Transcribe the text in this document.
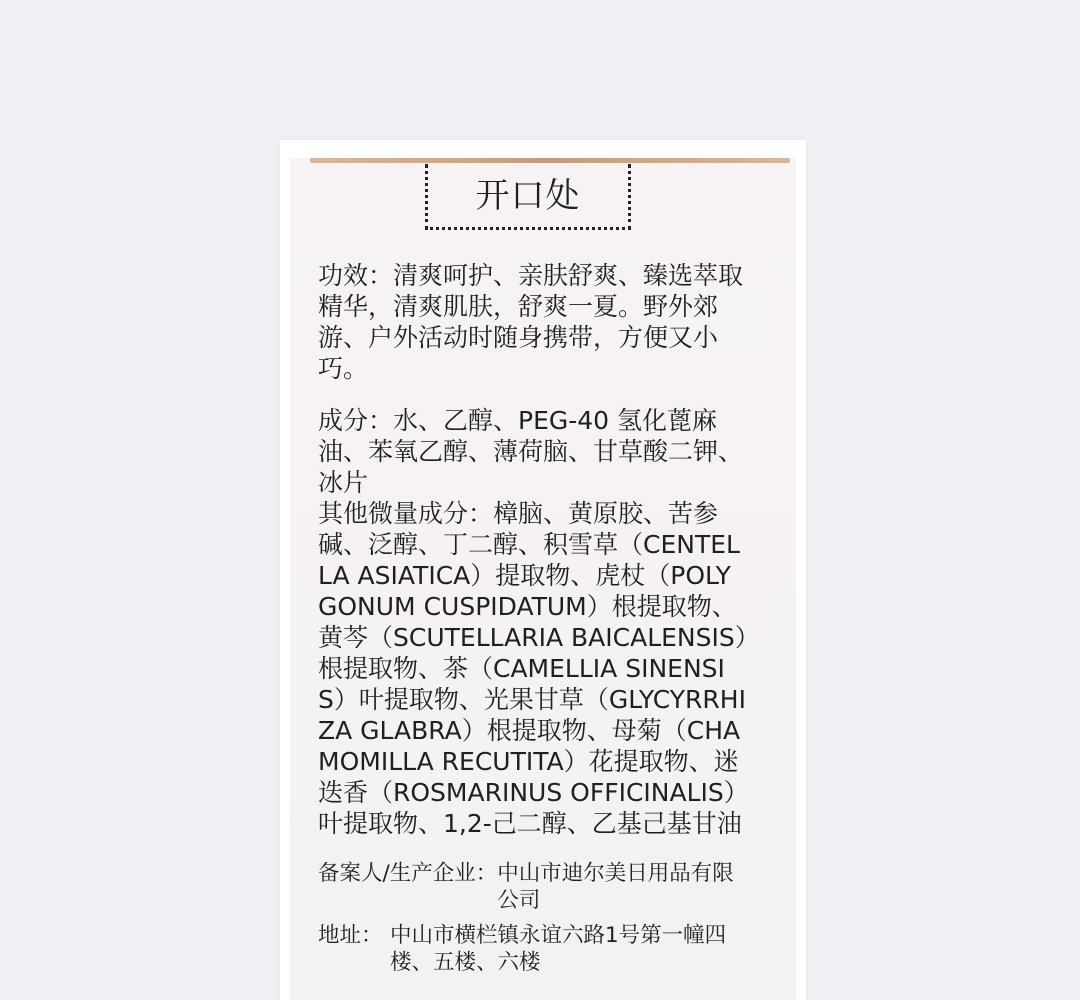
开口处

功效：清爽呵护、亲肤舒爽、臻选萃取精华，清爽肌肤，舒爽一夏。野外郊游、户外活动时随身携带，方便又小巧。

成分：水、乙醇、PEG-40 氢化蓖麻油、苯氧乙醇、薄荷脑、甘草酸二钾、冰片

其他微量成分：樟脑、黄原胶、苦参碱、泛醇、丁二醇、积雪草（CENTELLA ASIATICA）提取物、虎杖（POLYGONUM CUSPIDATUM）根提取物、黄芩（SCUTELLARIA BAICALENSIS）根提取物、茶（CAMELLIA SINENSIS）叶提取物、光果甘草（GLYCYRRHIZA GLABRA）根提取物、母菊（CHAMOMILLA RECUTITA）花提取物、迷迭香（ROSMARINUS OFFICINALIS）叶提取物、1,2-己二醇、乙基己基甘油

备案人/生产企业： 中山市迪尔美日用品有限公司
地址： 中山市横栏镇永谊六路1号第一幢四楼、五楼、六楼
